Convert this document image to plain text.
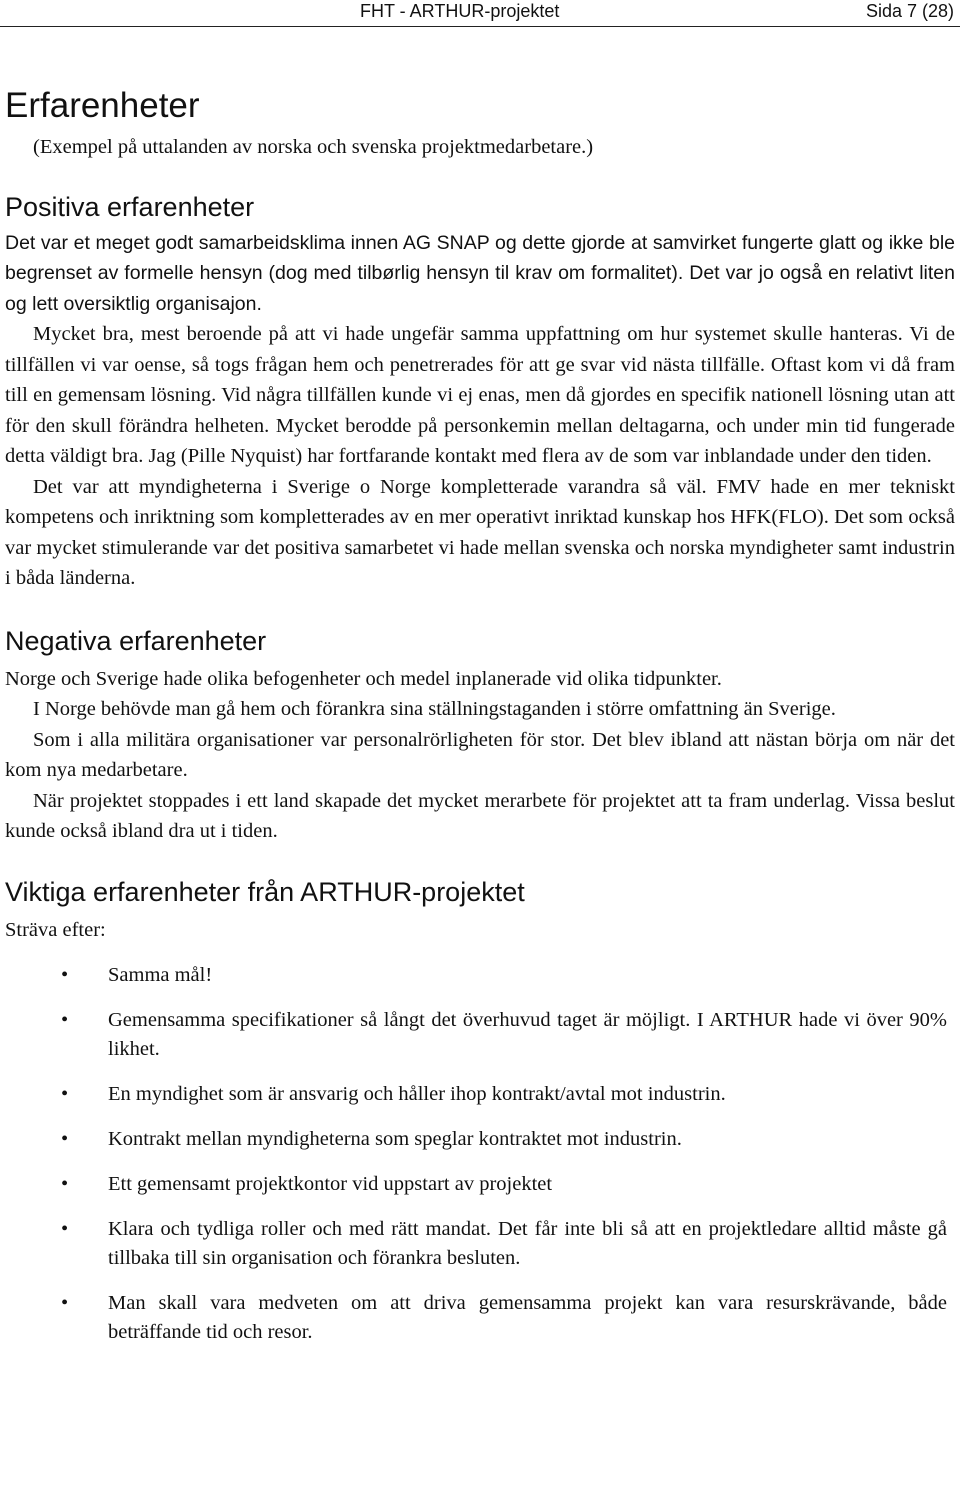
FHT - ARTHUR-projektet	Sida 7 (28)
Erfarenheter

(Exempel på uttalanden av norska och svenska projektmedarbetare.)

Positiva erfarenheter

Det var et meget godt samarbeidsklima innen AG SNAP og dette gjorde at samvirket fungerte glatt og ikke ble begrenset av formelle hensyn (dog med tilbørlig hensyn til krav om formalitet). Det var jo også en relativt liten og lett oversiktlig organisajon.

Mycket bra, mest beroende på att vi hade ungefär samma uppfattning om hur systemet skulle hanteras. Vi de tillfällen vi var oense, så togs frågan hem och penetrerades för att ge svar vid nästa tillfälle. Oftast kom vi då fram till en gemensam lösning. Vid några tillfällen kunde vi ej enas, men då gjordes en specifik nationell lösning utan att för den skull förändra helheten. Mycket berodde på personkemin mellan deltagarna, och under min tid fungerade detta väldigt bra. Jag (Pille Nyquist) har fortfarande kontakt med flera av de som var inblandade under den tiden.

Det var att myndigheterna i Sverige o Norge kompletterade varandra så väl. FMV hade en mer tekniskt kompetens och inriktning som kompletterades av en mer operativt inriktad kunskap hos HFK(FLO). Det som också var mycket stimulerande var det positiva samarbetet vi hade mellan svenska och norska myndigheter samt industrin i båda länderna.

Negativa erfarenheter

Norge och Sverige hade olika befogenheter och medel inplanerade vid olika tidpunkter.

I Norge behövde man gå hem och förankra sina ställningstaganden i större omfattning än Sverige.

Som i alla militära organisationer var personalrörligheten för stor. Det blev ibland att nästan börja om när det kom nya medarbetare.

När projektet stoppades i ett land skapade det mycket merarbete för projektet att ta fram underlag. Vissa beslut kunde också ibland dra ut i tiden.

Viktiga erfarenheter från ARTHUR-projektet

Sträva efter:

• Samma mål!
• Gemensamma specifikationer så långt det överhuvud taget är möjligt. I ARTHUR hade vi över 90% likhet.
• En myndighet som är ansvarig och håller ihop kontrakt/avtal mot industrin.
• Kontrakt mellan myndigheterna som speglar kontraktet mot industrin.
• Ett gemensamt projektkontor vid uppstart av projektet
• Klara och tydliga roller och med rätt mandat. Det får inte bli så att en projektledare alltid måste gå tillbaka till sin organisation och förankra besluten.
• Man skall vara medveten om att driva gemensamma projekt kan vara resurskrävande, både beträffande tid och resor.
